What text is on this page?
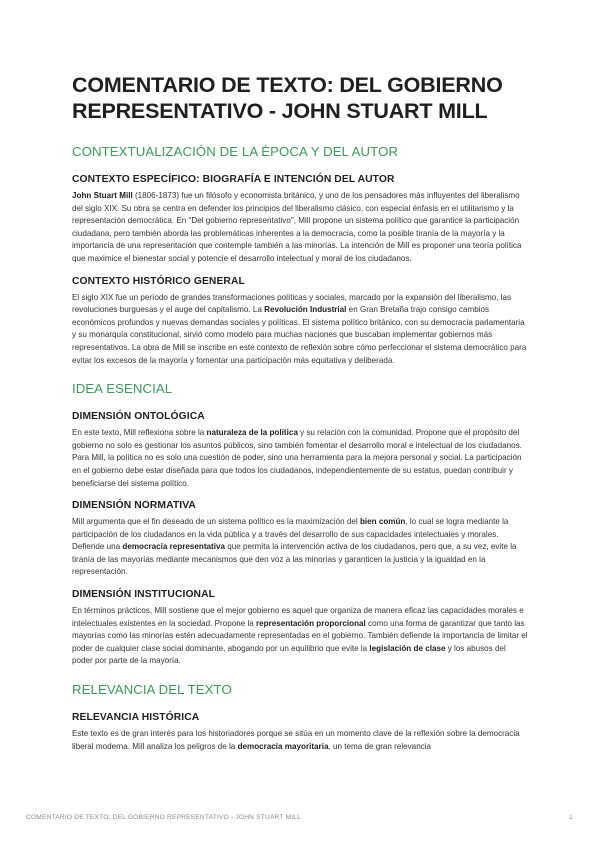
COMENTARIO DE TEXTO: DEL GOBIERNO REPRESENTATIVO - JOHN STUART MILL
CONTEXTUALIZACIÓN DE LA ÉPOCA Y DEL AUTOR
CONTEXTO ESPECÍFICO: BIOGRAFÍA E INTENCIÓN DEL AUTOR

John Stuart Mill (1806-1873) fue un filósofo y economista británico, y uno de los pensadores más influyentes del liberalismo del siglo XIX. Su obra se centra en defender los principios del liberalismo clásico, con especial énfasis en el utilitarismo y la representación democrática. En "Del gobierno representativo", Mill propone un sistema político que garantice la participación ciudadana, pero también aborda las problemáticas inherentes a la democracia, como la posible tiranía de la mayoría y la importancia de una representación que contemple también a las minorías. La intención de Mill es proponer una teoría política que maximice el bienestar social y potencie el desarrollo intelectual y moral de los ciudadanos.

CONTEXTO HISTÓRICO GENERAL

El siglo XIX fue un período de grandes transformaciones políticas y sociales, marcado por la expansión del liberalismo, las revoluciones burguesas y el auge del capitalismo. La Revolución Industrial en Gran Bretaña trajo consigo cambios económicos profundos y nuevas demandas sociales y políticas. El sistema político británico, con su democracia parlamentaria y su monarquía constitucional, sirvió como modelo para muchas naciones que buscaban implementar gobiernos más representativos. La obra de Mill se inscribe en este contexto de reflexión sobre cómo perfeccionar el sistema democrático para evitar los excesos de la mayoría y fomentar una participación más equitativa y deliberada.

IDEA ESENCIAL
DIMENSIÓN ONTOLÓGICA

En este texto, Mill reflexiona sobre la naturaleza de la política y su relación con la comunidad. Propone que el propósito del gobierno no solo es gestionar los asuntos públicos, sino también fomentar el desarrollo moral e intelectual de los ciudadanos. Para Mill, la política no es solo una cuestión de poder, sino una herramienta para la mejora personal y social. La participación en el gobierno debe estar diseñada para que todos los ciudadanos, independientemente de su estatus, puedan contribuir y beneficiarse del sistema político.

DIMENSIÓN NORMATIVA

Mill argumenta que el fin deseado de un sistema político es la maximización del bien común, lo cual se logra mediante la participación de los ciudadanos en la vida pública y a través del desarrollo de sus capacidades intelectuales y morales. Defiende una democracia representativa que permita la intervención activa de los ciudadanos, pero que, a su vez, evite la tiranía de las mayorías mediante mecanismos que den voz a las minorías y garanticen la justicia y la igualdad en la representación.

DIMENSIÓN INSTITUCIONAL

En términos prácticos, Mill sostiene que el mejor gobierno es aquel que organiza de manera eficaz las capacidades morales e intelectuales existentes en la sociedad. Propone la representación proporcional como una forma de garantizar que tanto las mayorías como las minorías estén adecuadamente representadas en el gobierno. También defiende la importancia de limitar el poder de cualquier clase social dominante, abogando por un equilibrio que evite la legislación de clase y los abusos del poder por parte de la mayoría.

RELEVANCIA DEL TEXTO
RELEVANCIA HISTÓRICA

Este texto es de gran interés para los historiadores porque se sitúa en un momento clave de la reflexión sobre la democracia liberal moderna. Mill analiza los peligros de la democracia mayoritaria, un tema de gran relevancia

COMENTARIO DE TEXTO: DEL GOBIERNO REPRESENTATIVO - JOHN STUART MILL	1
